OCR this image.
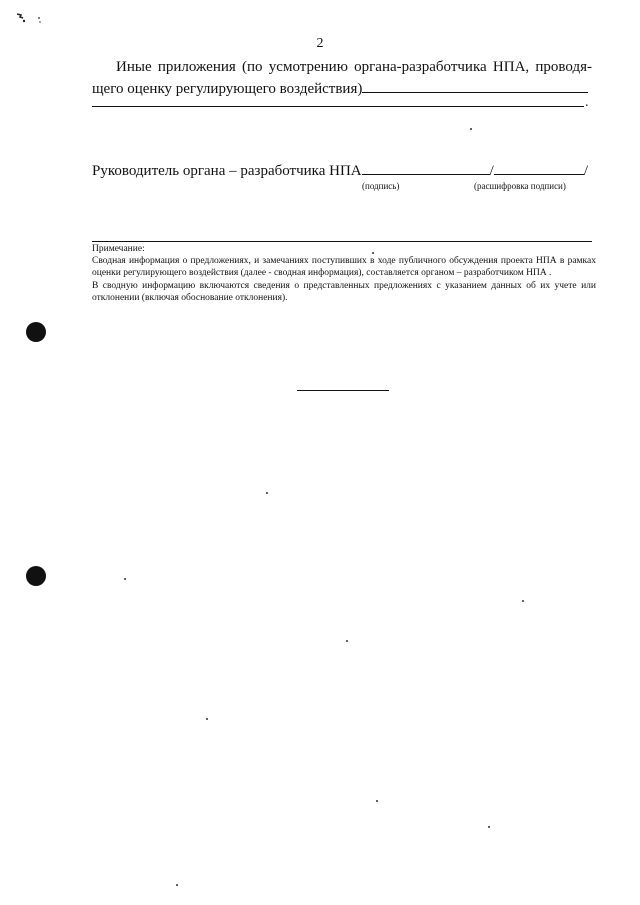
2
Иные приложения (по усмотрению органа-разработчика НПА, проводя-
щего оценку регулирующего воздействия)
.
Руководитель органа – разработчика НПА	/	/
(подпись)	(расшифровка подписи)

Примечание:

Сводная информация о предложениях, и замечаниях поступивших в ходе публичного обсуждения проекта НПА в рамках оценки регулирующего воздействия (далее - сводная информация), составляется органом – разработчиком НПА .

В сводную информацию включаются сведения о представленных предложениях с указанием данных об их учете или отклонении (включая обоснование отклонения).
